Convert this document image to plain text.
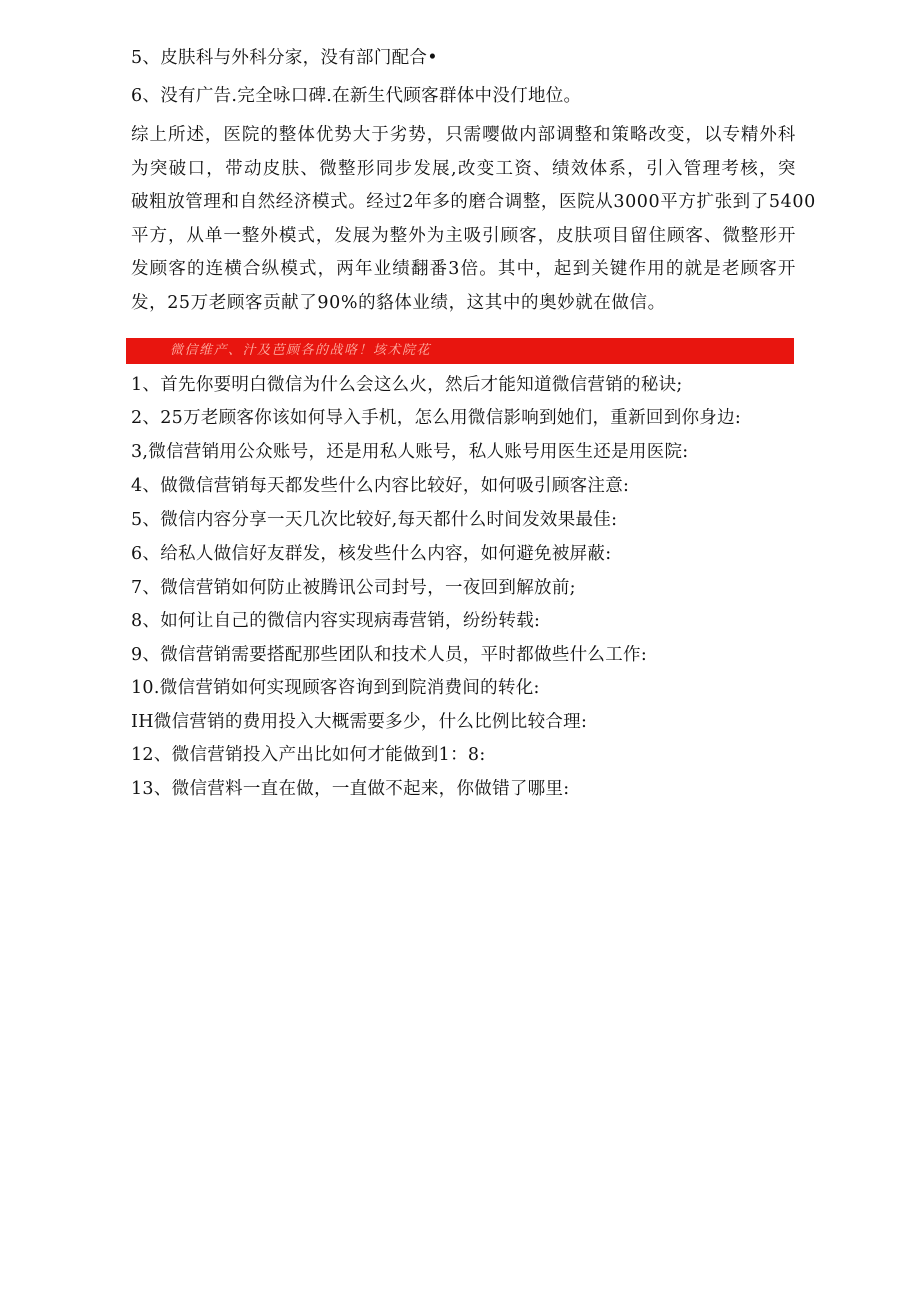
5、皮肤科与外科分家，没有部门配合•
6、没有广告.完全咏口碑.在新生代顾客群体中没仃地位。
综上所述，医院的整体优势大于劣势，只需嘤做内部调整和策略改变，以专精外科
为突破口，带动皮肤、微整形同步发展,改变工资、绩效体系，引入管理考核，突
破粗放管理和自然经济模式。经过2年多的磨合调整，医院从3000平方扩张到了5400
平方，从单一整外模式，发展为整外为主吸引顾客，皮肤项目留住顾客、微整形开
发顾客的连横合纵模式，两年业绩翻番3倍。其中，起到关键作用的就是老顾客开
发，25万老顾客贡献了90%的貉体业绩，这其中的奥妙就在做信。
微信维产、汁及芭顾各的战咯！垓术院花
1、首先你要明白微信为什么会这么火，然后才能知道微信营销的秘诀;
2、25万老顾客你该如何导入手机，怎么用微信影响到她们，重新回到你身边:
3,微信营销用公众账号，还是用私人账号，私人账号用医生还是用医院:
4、做微信营销每天都发些什么内容比较好，如何吸引顾客注意:
5、微信内容分享一天几次比较好,每天都什么时间发效果最佳:
6、给私人做信好友群发，核发些什么内容，如何避免被屏蔽:
7、微信营销如何防止被腾讯公司封号，一夜回到解放前;
8、如何让自己的微信内容实现病毒营销，纷纷转载:
9、微信营销需要搭配那些团队和技术人员，平时都做些什么工作:
10.微信营销如何实现顾客咨询到到院消费间的转化:
IH微信营销的费用投入大概需要多少，什么比例比较合理:
12、微信营销投入产出比如何才能做到1：8:
13、微信营料一直在做，一直做不起来，你做错了哪里:
